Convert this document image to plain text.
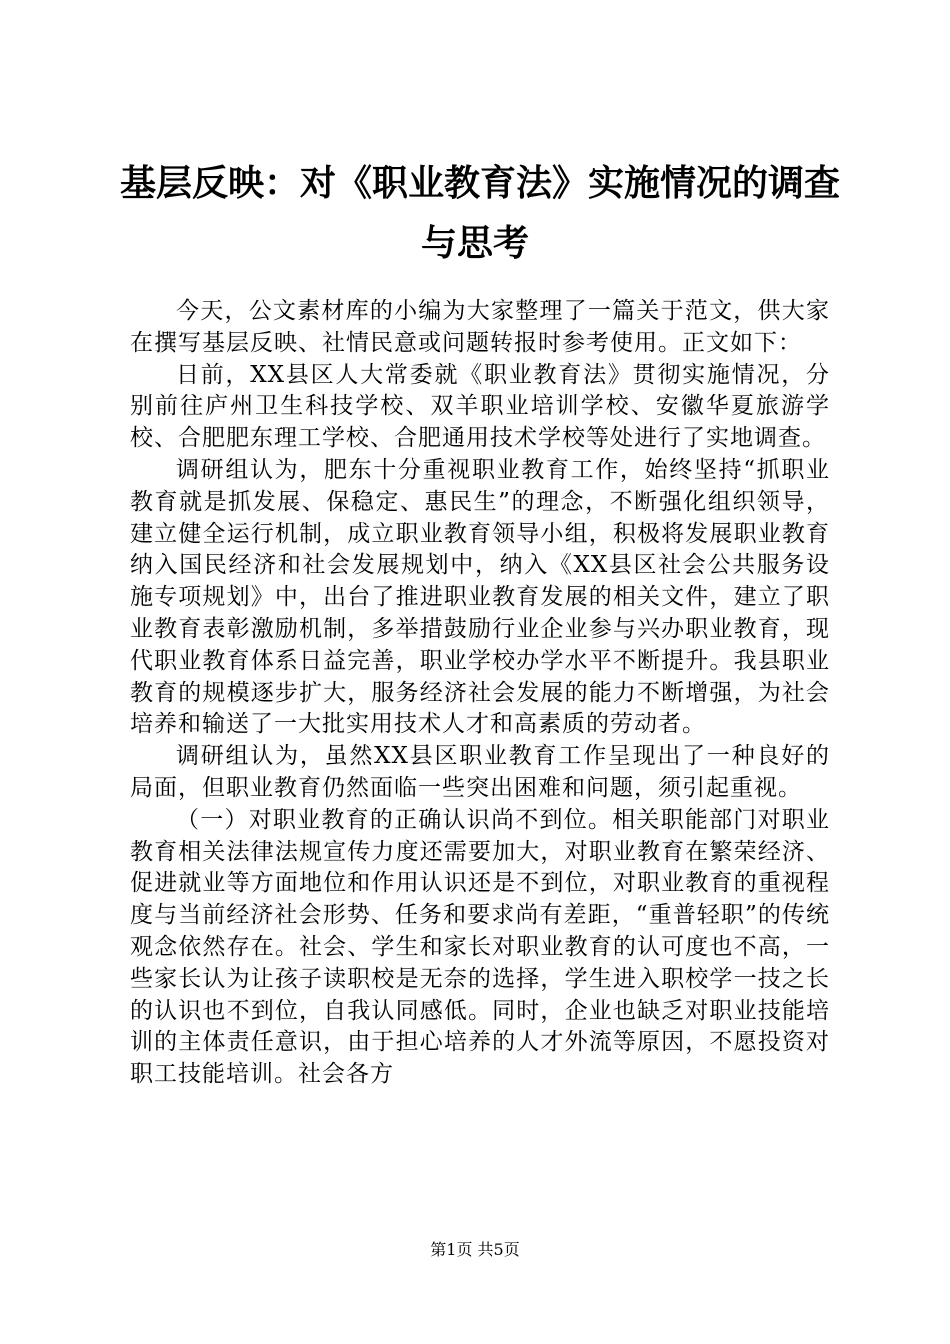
基层反映：对《职业教育法》实施情况的调查
与思考

今天，公文素材库的小编为大家整理了一篇关于范文，供大家在撰写基层反映、社情民意或问题转报时参考使用。正文如下：

日前，XX县区人大常委就《职业教育法》贯彻实施情况，分别前往庐州卫生科技学校、双羊职业培训学校、安徽华夏旅游学校、合肥肥东理工学校、合肥通用技术学校等处进行了实地调查。

调研组认为，肥东十分重视职业教育工作，始终坚持“抓职业教育就是抓发展、保稳定、惠民生”的理念，不断强化组织领导，建立健全运行机制，成立职业教育领导小组，积极将发展职业教育纳入国民经济和社会发展规划中，纳入《XX县区社会公共服务设施专项规划》中，出台了推进职业教育发展的相关文件，建立了职业教育表彰激励机制，多举措鼓励行业企业参与兴办职业教育，现代职业教育体系日益完善，职业学校办学水平不断提升。我县职业教育的规模逐步扩大，服务经济社会发展的能力不断增强，为社会培养和输送了一大批实用技术人才和高素质的劳动者。

调研组认为，虽然XX县区职业教育工作呈现出了一种良好的局面，但职业教育仍然面临一些突出困难和问题，须引起重视。

（一）对职业教育的正确认识尚不到位。相关职能部门对职业教育相关法律法规宣传力度还需要加大，对职业教育在繁荣经济、促进就业等方面地位和作用认识还是不到位，对职业教育的重视程度与当前经济社会形势、任务和要求尚有差距，“重普轻职”的传统观念依然存在。社会、学生和家长对职业教育的认可度也不高，一些家长认为让孩子读职校是无奈的选择，学生进入职校学一技之长的认识也不到位，自我认同感低。同时，企业也缺乏对职业技能培训的主体责任意识，由于担心培养的人才外流等原因，不愿投资对职工技能培训。社会各方

第1页 共5页
